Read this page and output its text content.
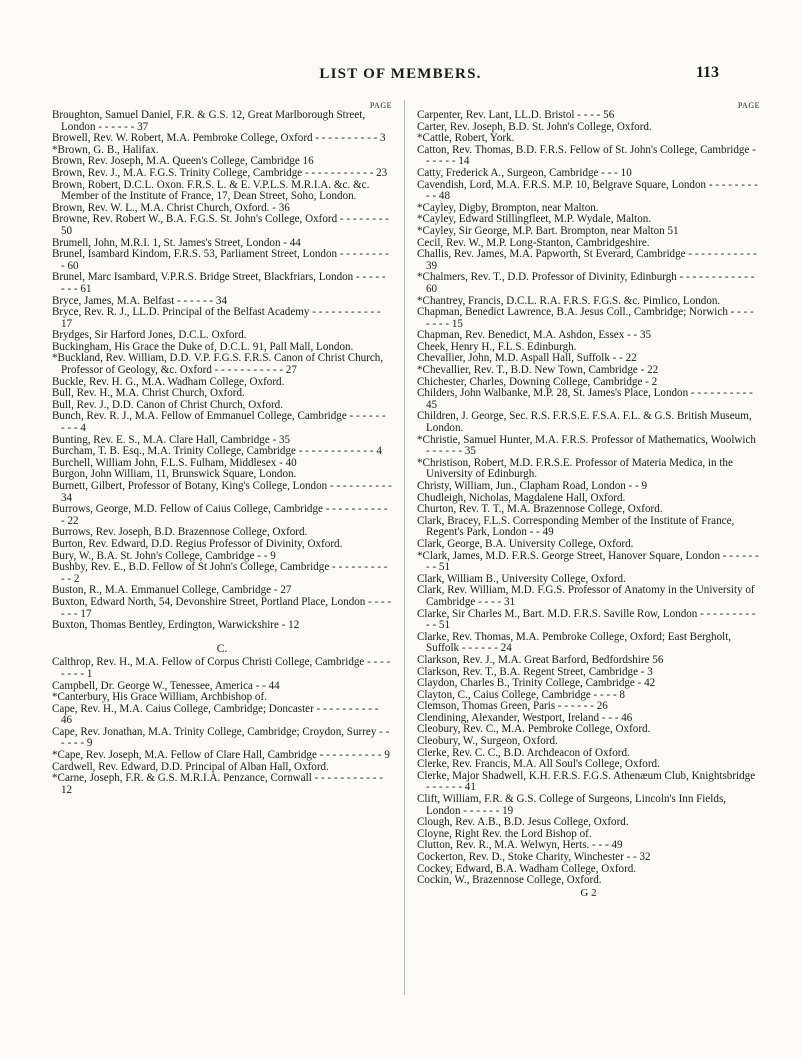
LIST OF MEMBERS.	113
PAGE

Broughton, Samuel Daniel, F.R. & G.S. 12, Great Marlborough Street, London - - - - - - 37

Browell, Rev. W. Robert, M.A. Pembroke College, Oxford - - - - - - - - - - 3

*Brown, G. B., Halifax.

Brown, Rev. Joseph, M.A. Queen's College, Cambridge 16

Brown, Rev. J., M.A. F.G.S. Trinity College, Cambridge - - - - - - - - - - - 23

Brown, Robert, D.C.L. Oxon. F.R.S. L. & E. V.P.L.S. M.R.I.A. &c. &c. Member of the Institute of France, 17, Dean Street, Soho, London.

Brown, Rev. W. L., M.A. Christ Church, Oxford. - 36

Browne, Rev. Robert W., B.A. F.G.S. St. John's College, Oxford - - - - - - - - 50

Brumell, John, M.R.I. 1, St. James's Street, London - 44

Brunel, Isambard Kindom, F.R.S. 53, Parliament Street, London - - - - - - - - - 60

Brunel, Marc Isambard, V.P.R.S. Bridge Street, Blackfriars, London - - - - - - - - 61

Bryce, James, M.A. Belfast - - - - - - 34

Bryce, Rev. R. J., LL.D. Principal of the Belfast Academy - - - - - - - - - - - 17

Brydges, Sir Harford Jones, D.C.L. Oxford.

Buckingham, His Grace the Duke of, D.C.L. 91, Pall Mall, London.

*Buckland, Rev. William, D.D. V.P. F.G.S. F.R.S. Canon of Christ Church, Professor of Geology, &c. Oxford - - - - - - - - - - - 27

Buckle, Rev. H. G., M.A. Wadham College, Oxford.

Bull, Rev. H., M.A. Christ Church, Oxford.

Bull, Rev. J., D.D. Canon of Christ Church, Oxford.

Bunch, Rev. R. J., M.A. Fellow of Emmanuel College, Cambridge - - - - - - - - - 4

Bunting, Rev. E. S., M.A. Clare Hall, Cambridge - 35

Burcham, T. B. Esq., M.A. Trinity College, Cambridge - - - - - - - - - - - - 4

Burchell, William John, F.L.S. Fulham, Middlesex - 40

Burgon, John William, 11, Brunswick Square, London.

Burnett, Gilbert, Professor of Botany, King's College, London - - - - - - - - - - 34

Burrows, George, M.D. Fellow of Caius College, Cambridge - - - - - - - - - - - 22

Burrows, Rev. Joseph, B.D. Brazennose College, Oxford.

Burton, Rev. Edward, D.D. Regius Professor of Divinity, Oxford.

Bury, W., B.A. St. John's College, Cambridge - - 9

Bushby, Rev. E., B.D. Fellow of St John's College, Cambridge - - - - - - - - - - - 2

Buston, R., M.A. Emmanuel College, Cambridge - 27

Buxton, Edward North, 54, Devonshire Street, Portland Place, London - - - - - - - 17

Buxton, Thomas Bentley, Erdington, Warwickshire - 12

C.

Calthrop, Rev. H., M.A. Fellow of Corpus Christi College, Cambridge - - - - - - - - 1

Campbell, Dr. George W., Tenessee, America - - 44

*Canterbury, His Grace William, Archbishop of.

Cape, Rev. H., M.A. Caius College, Cambridge; Doncaster - - - - - - - - - - 46

Cape, Rev. Jonathan, M.A. Trinity College, Cambridge; Croydon, Surrey - - - - - - 9

*Cape, Rev. Joseph, M.A. Fellow of Clare Hall, Cambridge - - - - - - - - - - 9

Cardwell, Rev. Edward, D.D. Principal of Alban Hall, Oxford.

*Carne, Joseph, F.R. & G.S. M.R.I.A. Penzance, Cornwall - - - - - - - - - - - 12

PAGE

Carpenter, Rev. Lant, LL.D. Bristol - - - - 56

Carter, Rev. Joseph, B.D. St. John's College, Oxford.

*Cattle, Robert, York.

Catton, Rev. Thomas, B.D. F.R.S. Fellow of St. John's College, Cambridge - - - - - - 14

Catty, Frederick A., Surgeon, Cambridge - - - 10

Cavendish, Lord, M.A. F.R.S. M.P. 10, Belgrave Square, London - - - - - - - - - - 48

*Cayley, Digby, Brompton, near Malton.

*Cayley, Edward Stillingfleet, M.P. Wydale, Malton.

*Cayley, Sir George, M.P. Bart. Brompton, near Malton 51

Cecil, Rev. W., M.P. Long-Stanton, Cambridgeshire.

Challis, Rev. James, M.A. Papworth, St Everard, Cambridge - - - - - - - - - - - 39

*Chalmers, Rev. T., D.D. Professor of Divinity, Edinburgh - - - - - - - - - - - - 60

*Chantrey, Francis, D.C.L. R.A. F.R.S. F.G.S. &c. Pimlico, London.

Chapman, Benedict Lawrence, B.A. Jesus Coll., Cambridge; Norwich - - - - - - - - 15

Chapman, Rev. Benedict, M.A. Ashdon, Essex - - 35

Cheek, Henry H., F.L.S. Edinburgh.

Chevallier, John, M.D. Aspall Hall, Suffolk - - 22

*Chevallier, Rev. T., B.D. New Town, Cambridge - 22

Chichester, Charles, Downing College, Cambridge - 2

Childers, John Walbanke, M.P. 28, St. James's Place, London - - - - - - - - - - 45

Children, J. George, Sec. R.S. F.R.S.E. F.S.A. F.L. & G.S. British Museum, London.

*Christie, Samuel Hunter, M.A. F.R.S. Professor of Mathematics, Woolwich - - - - - - 35

*Christison, Robert, M.D. F.R.S.E. Professor of Materia Medica, in the University of Edinburgh.

Christy, William, Jun., Clapham Road, London - - 9

Chudleigh, Nicholas, Magdalene Hall, Oxford.

Churton, Rev. T. T., M.A. Brazennose College, Oxford.

Clark, Bracey, F.L.S. Corresponding Member of the Institute of France, Regent's Park, London - - 49

Clark, George, B.A. University College, Oxford.

*Clark, James, M.D. F.R.S. George Street, Hanover Square, London - - - - - - - - 51

Clark, William B., University College, Oxford.

Clark, Rev. William, M.D. F.G.S. Professor of Anatomy in the University of Cambridge - - - - 31

Clarke, Sir Charles M., Bart. M.D. F.R.S. Saville Row, London - - - - - - - - - - - 51

Clarke, Rev. Thomas, M.A. Pembroke College, Oxford; East Bergholt, Suffolk - - - - - - 24

Clarkson, Rev. J., M.A. Great Barford, Bedfordshire 56

Clarkson, Rev. T., B.A. Regent Street, Cambridge - 3

Claydon, Charles B., Trinity College, Cambridge - 42

Clayton, C., Caius College, Cambridge - - - - 8

Clemson, Thomas Green, Paris - - - - - - 26

Clendining, Alexander, Westport, Ireland - - - 46

Cleobury, Rev. C., M.A. Pembroke College, Oxford.

Cleobury, W., Surgeon, Oxford.

Clerke, Rev. C. C., B.D. Archdeacon of Oxford.

Clerke, Rev. Francis, M.A. All Soul's College, Oxford.

Clerke, Major Shadwell, K.H. F.R.S. F.G.S. Athenæum Club, Knightsbridge - - - - - - 41

Clift, William, F.R. & G.S. College of Surgeons, Lincoln's Inn Fields, London - - - - - - 19

Clough, Rev. A.B., B.D. Jesus College, Oxford.

Cloyne, Right Rev. the Lord Bishop of.

Clutton, Rev. R., M.A. Welwyn, Herts. - - - 49

Cockerton, Rev. D., Stoke Charity, Winchester - - 32

Cockey, Edward, B.A. Wadham College, Oxford.

Cockin, W., Brazennose College, Oxford.

G 2
